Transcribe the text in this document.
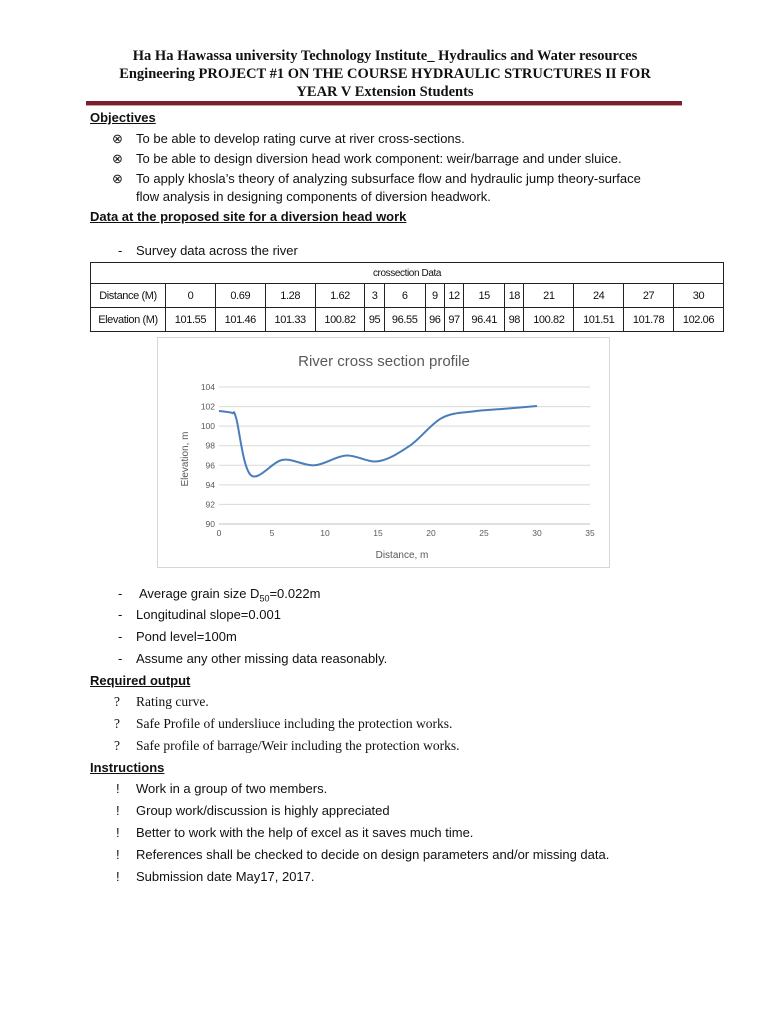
Ha Ha Hawassa university Technology Institute_ Hydraulics and Water resources
Engineering PROJECT #1 ON THE COURSE HYDRAULIC STRUCTURES II FOR
YEAR V Extension Students
Objectives
⊗ To be able to develop rating curve at river cross-sections.
⊗ To be able to design diversion head work component: weir/barrage and under sluice.
⊗ To apply khosla’s theory of analyzing subsurface flow and hydraulic jump theory-surface
flow analysis in designing components of diversion headwork.
Data at the proposed site for a diversion head work
- Survey data across the river
crossection Data														
Distance (M)	0	0.69	1.28	1.62	3	6	9	12	15	18	21	24	27	30
Elevation (M)	101.55	101.46	101.33	100.82	95	96.55	96	97	96.41	98	100.82	101.51	101.78	102.06
River cross section profile
Distance, m
Elevation, m
90
92
94
96
98
100
102
104
0	5	10	15	20	25	30	35
- Average grain size $D_{50}=0.022m$
- Longitudinal slope=0.001
- Pond level=100m
- Assume any other missing data reasonably.
Required output
? Rating curve.
? Safe Profile of undersliuce including the protection works.
? Safe profile of barrage/Weir including the protection works.
Instructions
! Work in a group of two members.
! Group work/discussion is highly appreciated
! Better to work with the help of excel as it saves much time.
! References shall be checked to decide on design parameters and/or missing data.
! Submission date May17, 2017.
